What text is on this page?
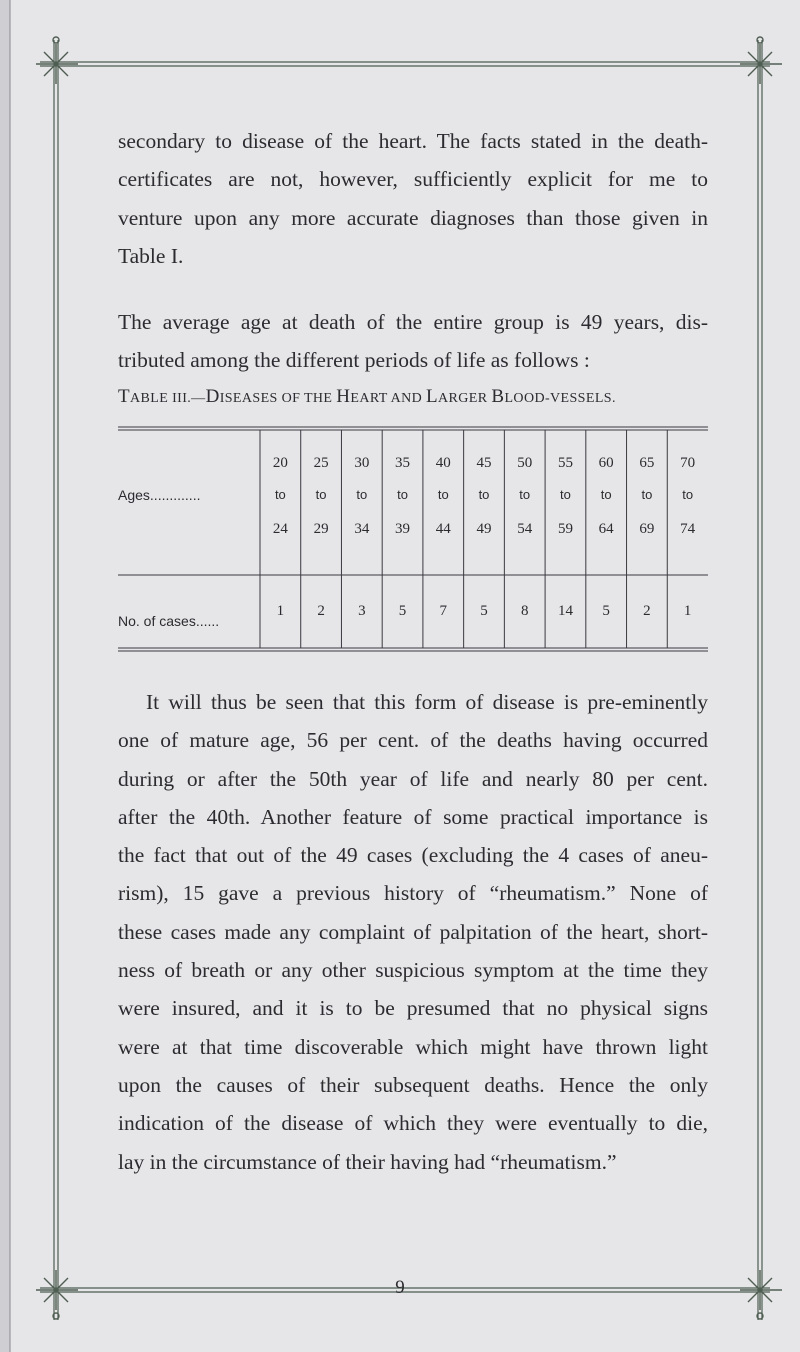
secondary to disease of the heart. The facts stated in the death-
certificates are not, however, sufficiently explicit for me to
venture upon any more accurate diagnoses than those given in
Table I.

The average age at death of the entire group is 49 years, dis-
tributed among the different periods of life as follows :

TABLE III.—DISEASES OF THE HEART AND LARGER BLOOD-VESSELS.
Ages.............
No. of cases......
20
to
24
1
25
to
29
2
30
to
34
3
35
to
39
5
40
to
44
7
45
to
49
5
50
to
54
8
55
to
59
14
60
to
64
5
65
to
69
2
70
to
74
1

It will thus be seen that this form of disease is pre-eminently
one of mature age, 56 per cent. of the deaths having occurred
during or after the 50th year of life and nearly 80 per cent.
after the 40th. Another feature of some practical importance is
the fact that out of the 49 cases (excluding the 4 cases of aneu-
rism), 15 gave a previous history of “rheumatism.” None of
these cases made any complaint of palpitation of the heart, short-
ness of breath or any other suspicious symptom at the time they
were insured, and it is to be presumed that no physical signs
were at that time discoverable which might have thrown light
upon the causes of their subsequent deaths. Hence the only
indication of the disease of which they were eventually to die,
lay in the circumstance of their having had “rheumatism.”

9
